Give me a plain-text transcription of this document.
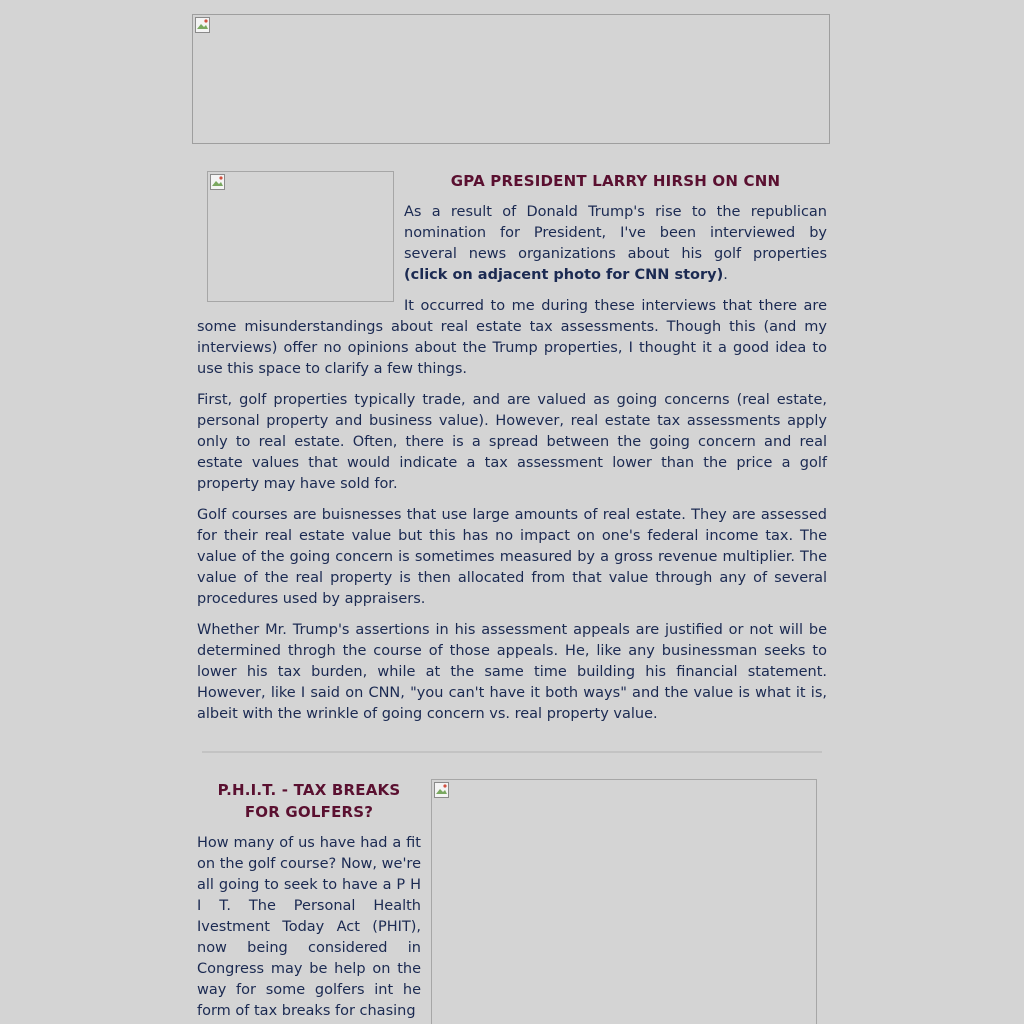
GPA PRESIDENT LARRY HIRSH ON CNN
As a result of Donald Trump's rise to the republican nomination for President, I've been interviewed by several news organizations about his golf properties (click on adjacent photo for CNN story).
It occurred to me during these interviews that there are some misunderstandings about real estate tax assessments. Though this (and my interviews) offer no opinions about the Trump properties, I thought it a good idea to use this space to clarify a few things.
First, golf properties typically trade, and are valued as going concerns (real estate, personal property and business value). However, real estate tax assessments apply only to real estate. Often, there is a spread between the going concern and real estate values that would indicate a tax assessment lower than the price a golf property may have sold for.
Golf courses are buisnesses that use large amounts of real estate. They are assessed for their real estate value but this has no impact on one's federal income tax. The value of the going concern is sometimes measured by a gross revenue multiplier. The value of the real property is then allocated from that value through any of several procedures used by appraisers.
Whether Mr. Trump's assertions in his assessment appeals are justified or not will be determined throgh the course of those appeals. He, like any businessman seeks to lower his tax burden, while at the same time building his financial statement. However, like I said on CNN, "you can't have it both ways" and the value is what it is, albeit with the wrinkle of going concern vs. real property value.
P.H.I.T. - TAX BREAKS
FOR GOLFERS?
How many of us have had a fit on the golf course? Now, we're all going to seek to have a P H I T. The Personal Health Ivestment Today Act (PHIT), now being considered in Congress may be help on the way for some golfers int he form of tax breaks for chasing
